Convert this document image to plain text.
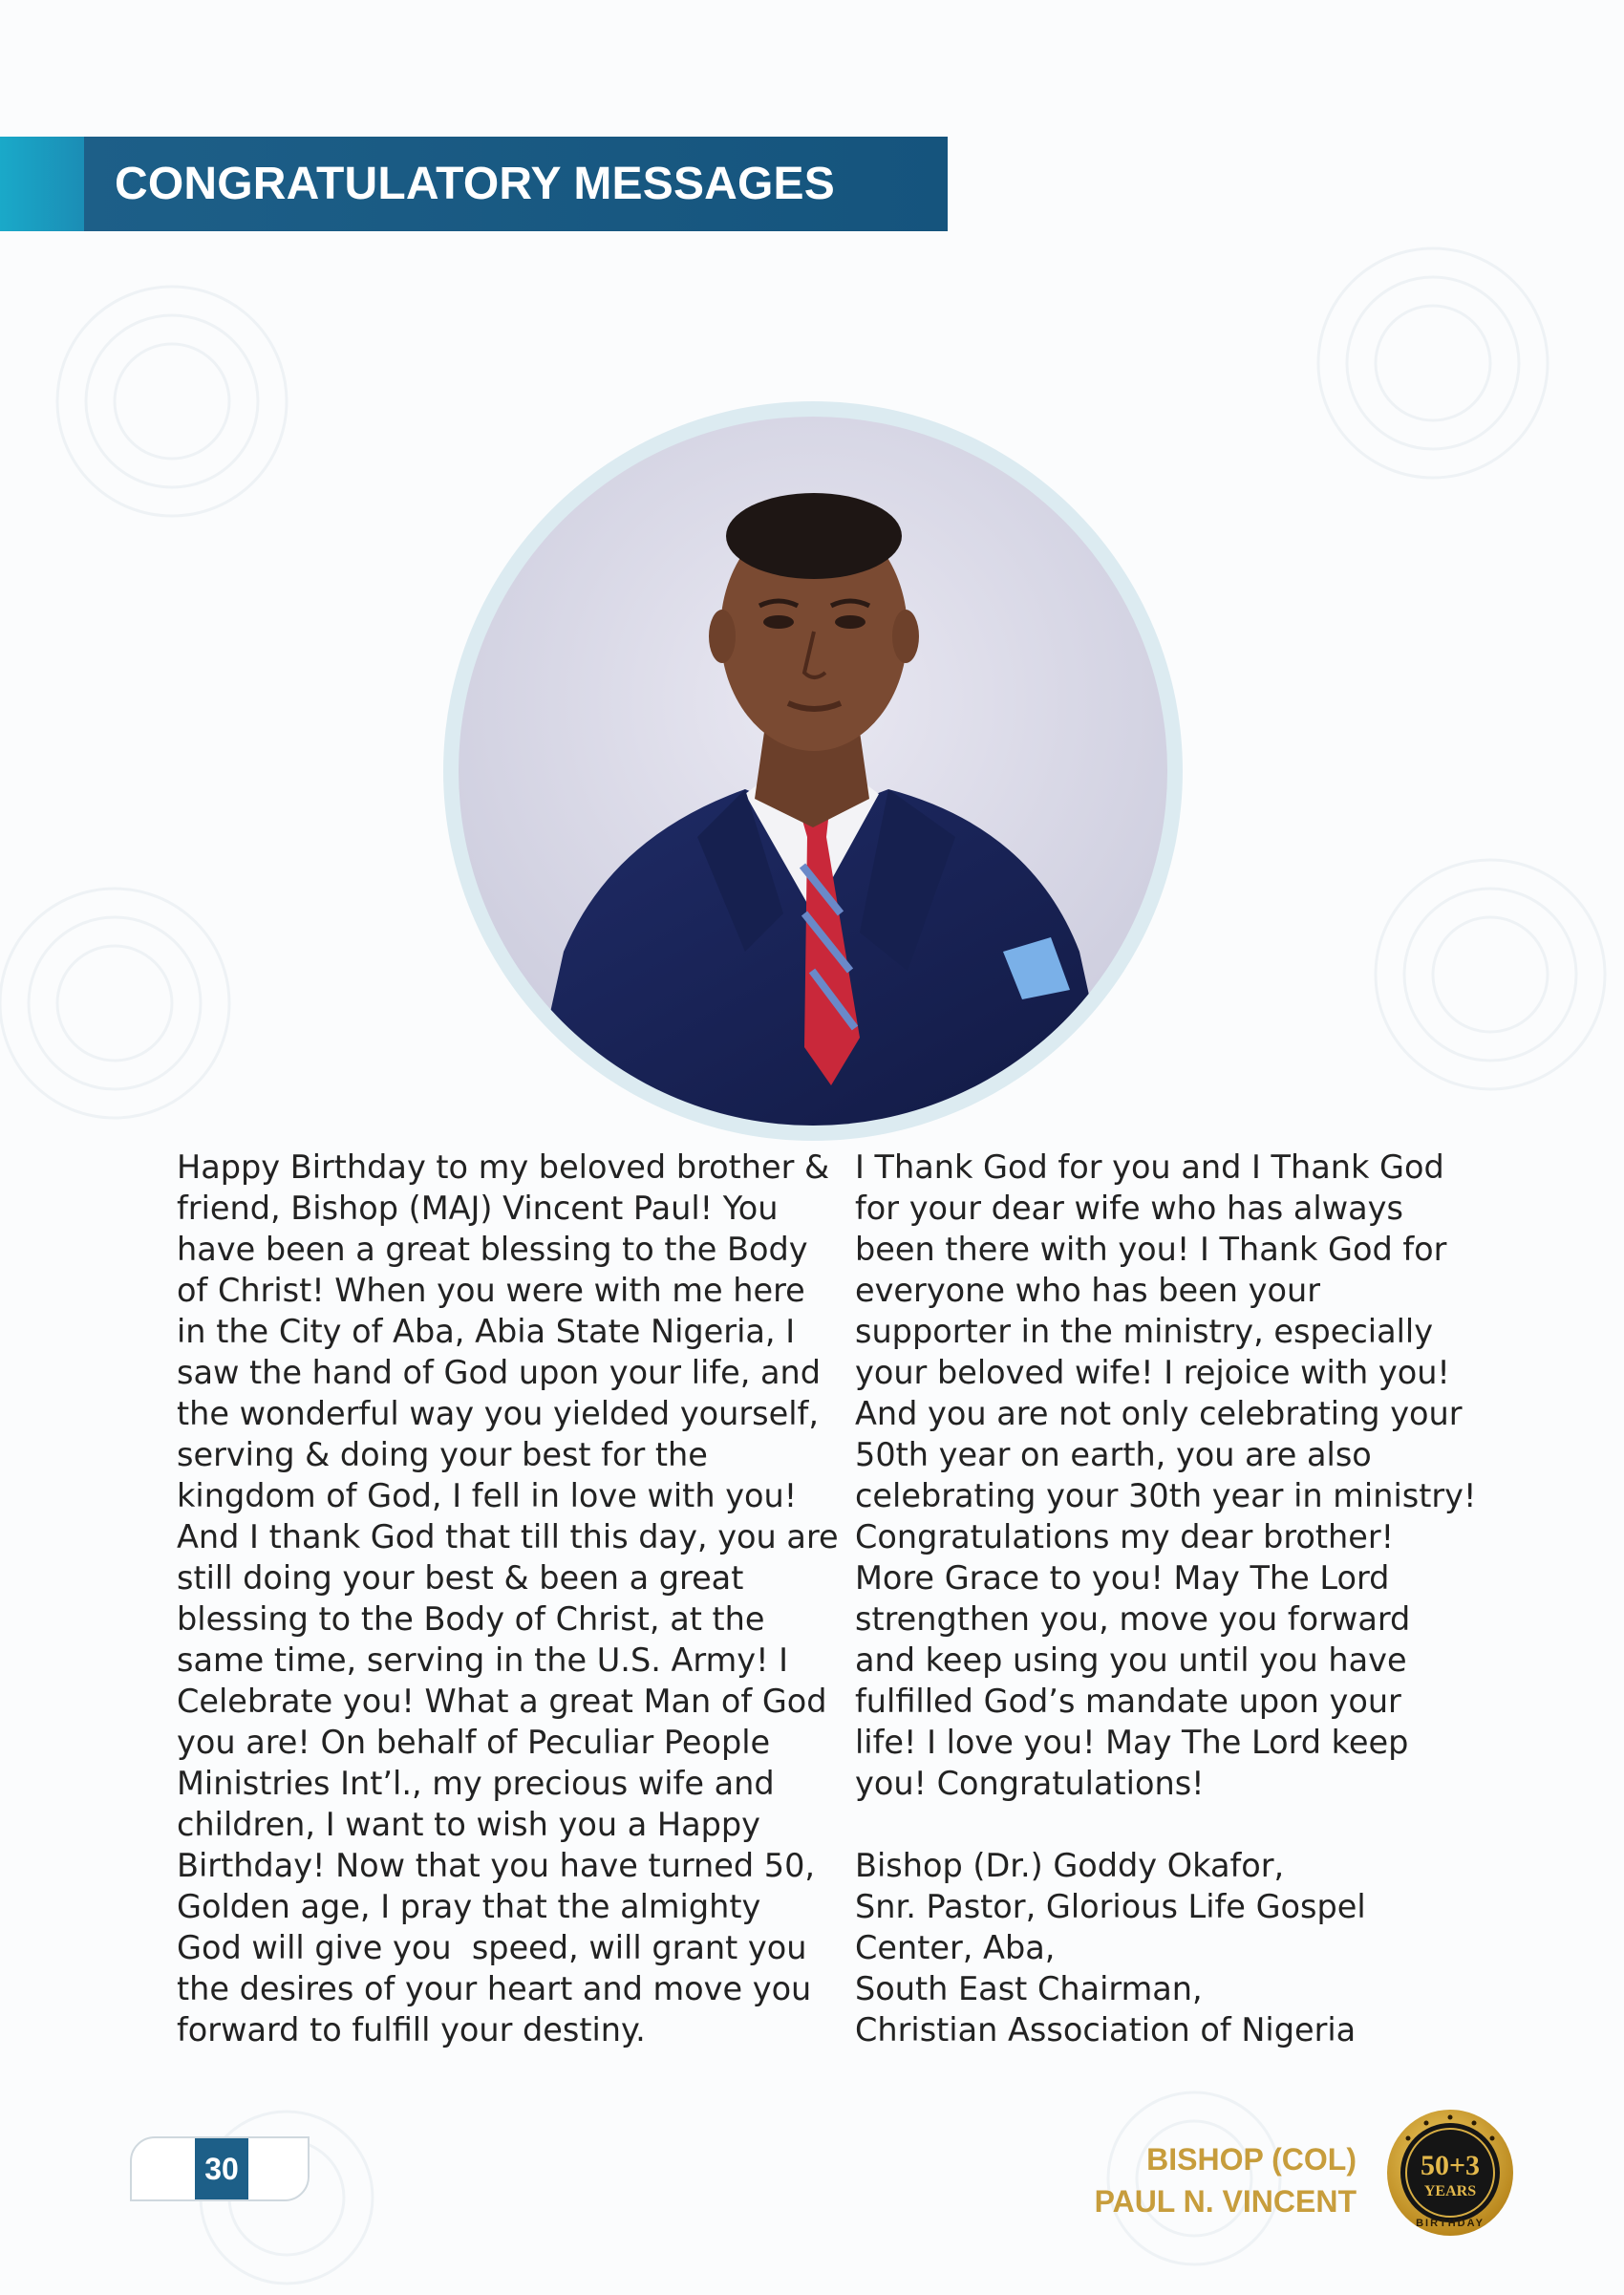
CONGRATULATORY MESSAGES
Happy Birthday to my beloved brother &
friend, Bishop (MAJ) Vincent Paul! You
have been a great blessing to the Body
of Christ! When you were with me here
in the City of Aba, Abia State Nigeria, I
saw the hand of God upon your life, and
the wonderful way you yielded yourself,
serving & doing your best for the
kingdom of God, I fell in love with you!
And I thank God that till this day, you are
still doing your best & been a great
blessing to the Body of Christ, at the
same time, serving in the U.S. Army! I
Celebrate you! What a great Man of God
you are! On behalf of Peculiar People
Ministries Int’l., my precious wife and
children, I want to wish you a Happy
Birthday! Now that you have turned 50,
Golden age, I pray that the almighty
God will give you  speed, will grant you
the desires of your heart and move you
forward to fulfill your destiny.
I Thank God for you and I Thank God
for your dear wife who has always
been there with you! I Thank God for
everyone who has been your
supporter in the ministry, especially
your beloved wife! I rejoice with you!
And you are not only celebrating your
50th year on earth, you are also
celebrating your 30th year in ministry!
Congratulations my dear brother!
More Grace to you! May The Lord
strengthen you, move you forward
and keep using you until you have
fulfilled God’s mandate upon your
life! I love you! May The Lord keep
you! Congratulations!

Bishop (Dr.) Goddy Okafor,
Snr. Pastor, Glorious Life Gospel
Center, Aba,
South East Chairman,
Christian Association of Nigeria
30	BISHOP (COL)
PAUL N. VINCENT
50+3
YEARS
BIRTHDAY
